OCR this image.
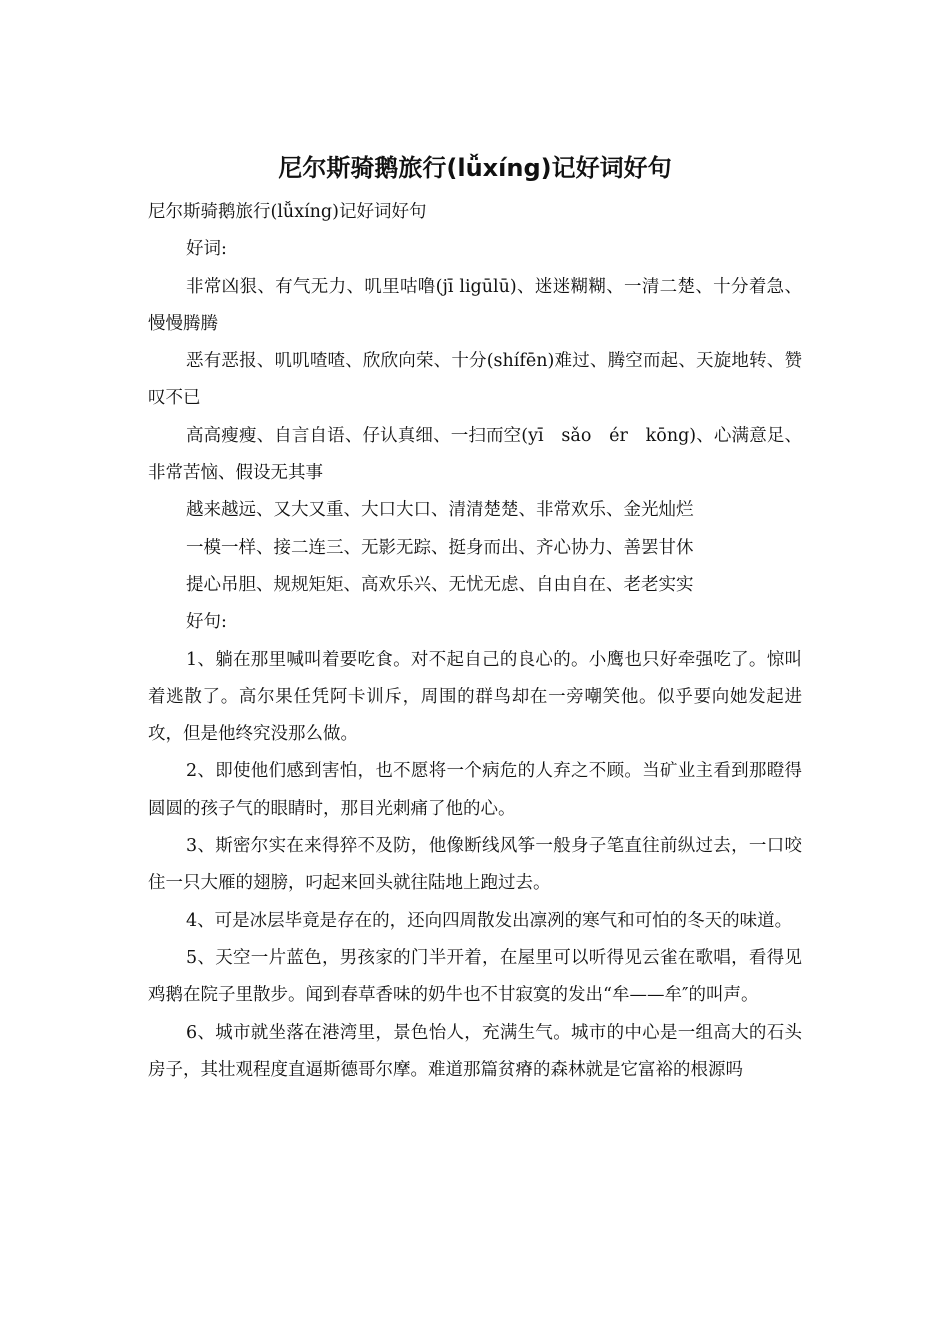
尼尔斯骑鹅旅行(lǚxíng)记好词好句

尼尔斯骑鹅旅行(lǚxíng)记好词好句

好词:

非常凶狠、有气无力、叽里咕噜(jī ligūlū)、迷迷糊糊、一清二楚、十分着急、慢慢腾腾

恶有恶报、叽叽喳喳、欣欣向荣、十分(shífēn)难过、腾空而起、天旋地转、赞叹不已

高高瘦瘦、自言自语、仔认真细、一扫而空(yī　sǎo　ér　kōng)、心满意足、非常苦恼、假设无其事

越来越远、又大又重、大口大口、清清楚楚、非常欢乐、金光灿烂

一模一样、接二连三、无影无踪、挺身而出、齐心协力、善罢甘休

提心吊胆、规规矩矩、高欢乐兴、无忧无虑、自由自在、老老实实

好句:

1、躺在那里喊叫着要吃食。对不起自己的良心的。小鹰也只好牵强吃了。惊叫着逃散了。高尔果任凭阿卡训斥，周围的群鸟却在一旁嘲笑他。似乎要向她发起进攻，但是他终究没那么做。

2、即使他们感到害怕，也不愿将一个病危的人弃之不顾。当矿业主看到那瞪得圆圆的孩子气的眼睛时，那目光刺痛了他的心。

3、斯密尔实在来得猝不及防，他像断线风筝一般身子笔直往前纵过去，一口咬住一只大雁的翅膀，叼起来回头就往陆地上跑过去。

4、可是冰层毕竟是存在的，还向四周散发出凛冽的寒气和可怕的冬天的味道。

5、天空一片蓝色，男孩家的门半开着，在屋里可以听得见云雀在歌唱，看得见鸡鹅在院子里散步。闻到春草香味的奶牛也不甘寂寞的发出“牟——牟″的叫声。

6、城市就坐落在港湾里，景色怡人，充满生气。城市的中心是一组高大的石头房子，其壮观程度直逼斯德哥尔摩。难道那篇贫瘠的森林就是它富裕的根源吗
